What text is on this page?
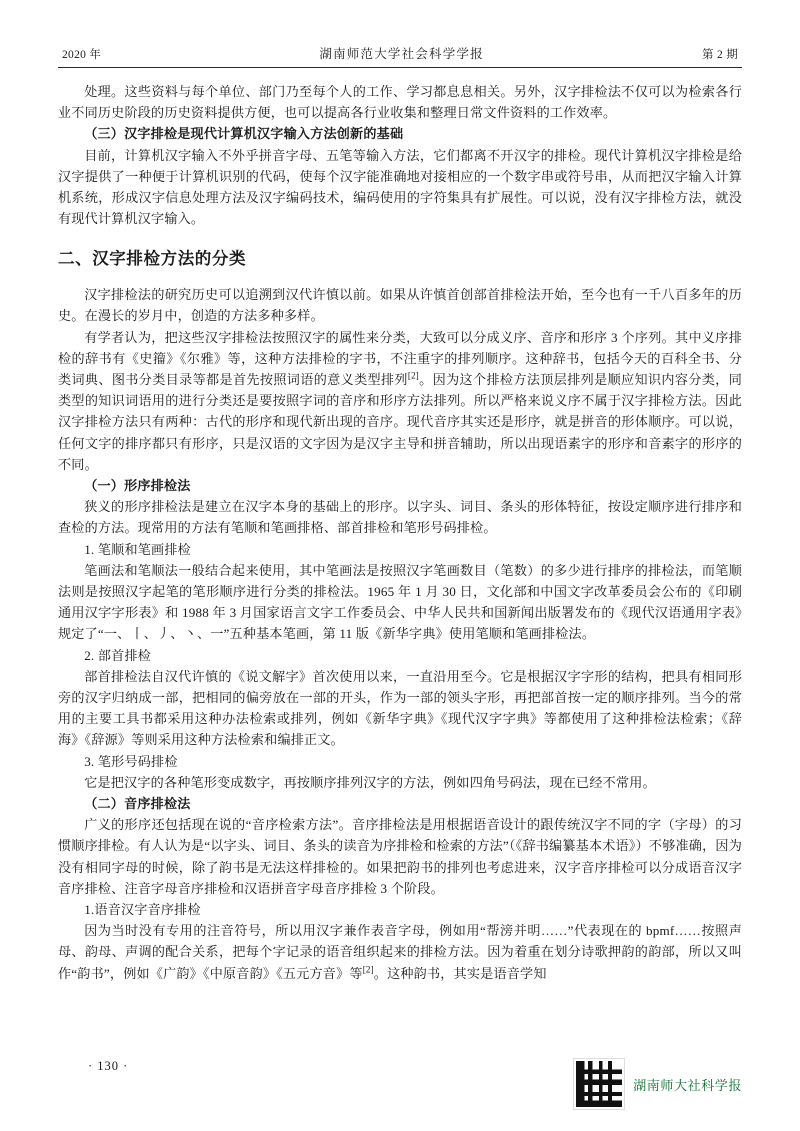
2020 年	湖南师范大学社会科学学报	第 2 期

处理。这些资料与每个单位、部门乃至每个人的工作、学习都息息相关。另外，汉字排检法不仅可以为检索各行业不同历史阶段的历史资料提供方便，也可以提高各行业收集和整理日常文件资料的工作效率。

（三）汉字排检是现代计算机汉字输入方法创新的基础

目前，计算机汉字输入不外乎拼音字母、五笔等输入方法，它们都离不开汉字的排检。现代计算机汉字排检是给汉字提供了一种便于计算机识别的代码，使每个汉字能准确地对接相应的一个数字串或符号串，从而把汉字输入计算机系统，形成汉字信息处理方法及汉字编码技术，编码使用的字符集具有扩展性。可以说，没有汉字排检方法，就没有现代计算机汉字输入。

二、汉字排检方法的分类

汉字排检法的研究历史可以追溯到汉代许慎以前。如果从许慎首创部首排检法开始，至今也有一千八百多年的历史。在漫长的岁月中，创造的方法多种多样。

有学者认为，把这些汉字排检法按照汉字的属性来分类，大致可以分成义序、音序和形序 3 个序列。其中义序排检的辞书有《史籀》《尔雅》等，这种方法排检的字书，不注重字的排列顺序。这种辞书，包括今天的百科全书、分类词典、图书分类目录等都是首先按照词语的意义类型排列[2]。因为这个排检方法顶层排列是顺应知识内容分类，同类型的知识词语用的进行分类还是要按照字词的音序和形序方法排列。所以严格来说义序不属于汉字排检方法。因此汉字排检方法只有两种：古代的形序和现代新出现的音序。现代音序其实还是形序，就是拼音的形体顺序。可以说，任何文字的排序都只有形序，只是汉语的文字因为是汉字主导和拼音辅助，所以出现语素字的形序和音素字的形序的不同。

（一）形序排检法

狭义的形序排检法是建立在汉字本身的基础上的形序。以字头、词目、条头的形体特征，按设定顺序进行排序和查检的方法。现常用的方法有笔顺和笔画排格、部首排检和笔形号码排检。

1. 笔顺和笔画排检

笔画法和笔顺法一般结合起来使用，其中笔画法是按照汉字笔画数目（笔数）的多少进行排序的排检法，而笔顺法则是按照汉字起笔的笔形顺序进行分类的排检法。1965 年 1 月 30 日，文化部和中国文字改革委员会公布的《印刷通用汉字字形表》和 1988 年 3 月国家语言文字工作委员会、中华人民共和国新闻出版署发布的《现代汉语通用字表》规定了“一、丨、丿、丶、一”五种基本笔画，第 11 版《新华字典》使用笔顺和笔画排检法。

2. 部首排检

部首排检法自汉代许慎的《说文解字》首次使用以来，一直沿用至今。它是根据汉字字形的结构，把具有相同形旁的汉字归纳成一部，把相同的偏旁放在一部的开头，作为一部的领头字形，再把部首按一定的顺序排列。当今的常用的主要工具书都采用这种办法检索或排列，例如《新华字典》《现代汉字字典》等都使用了这种排检法检索；《辞海》《辞源》等则采用这种方法检索和编排正文。

3. 笔形号码排检

它是把汉字的各种笔形变成数字，再按顺序排列汉字的方法，例如四角号码法，现在已经不常用。

（二）音序排检法

广义的形序还包括现在说的“音序检索方法”。音序排检法是用根据语音设计的跟传统汉字不同的字（字母）的习惯顺序排检。有人认为是“以字头、词目、条头的读音为序排检和检索的方法”（《辞书编纂基本术语》）不够准确，因为没有相同字母的时候，除了韵书是无法这样排检的。如果把韵书的排列也考虑进来，汉字音序排检可以分成语音汉字音序排检、注音字母音序排检和汉语拼音字母音序排检 3 个阶段。

1.语音汉字音序排检

因为当时没有专用的注音符号，所以用汉字兼作表音字母，例如用“帮滂并明……”代表现在的 bpmf……按照声母、韵母、声调的配合关系，把每个字记录的语音组织起来的排检方法。因为着重在划分诗歌押韵的韵部，所以又叫作“韵书”，例如《广韵》《中原音韵》《五元方音》等[2]。这种韵书，其实是语音学知

· 130 ·
湖南师大社科学报
